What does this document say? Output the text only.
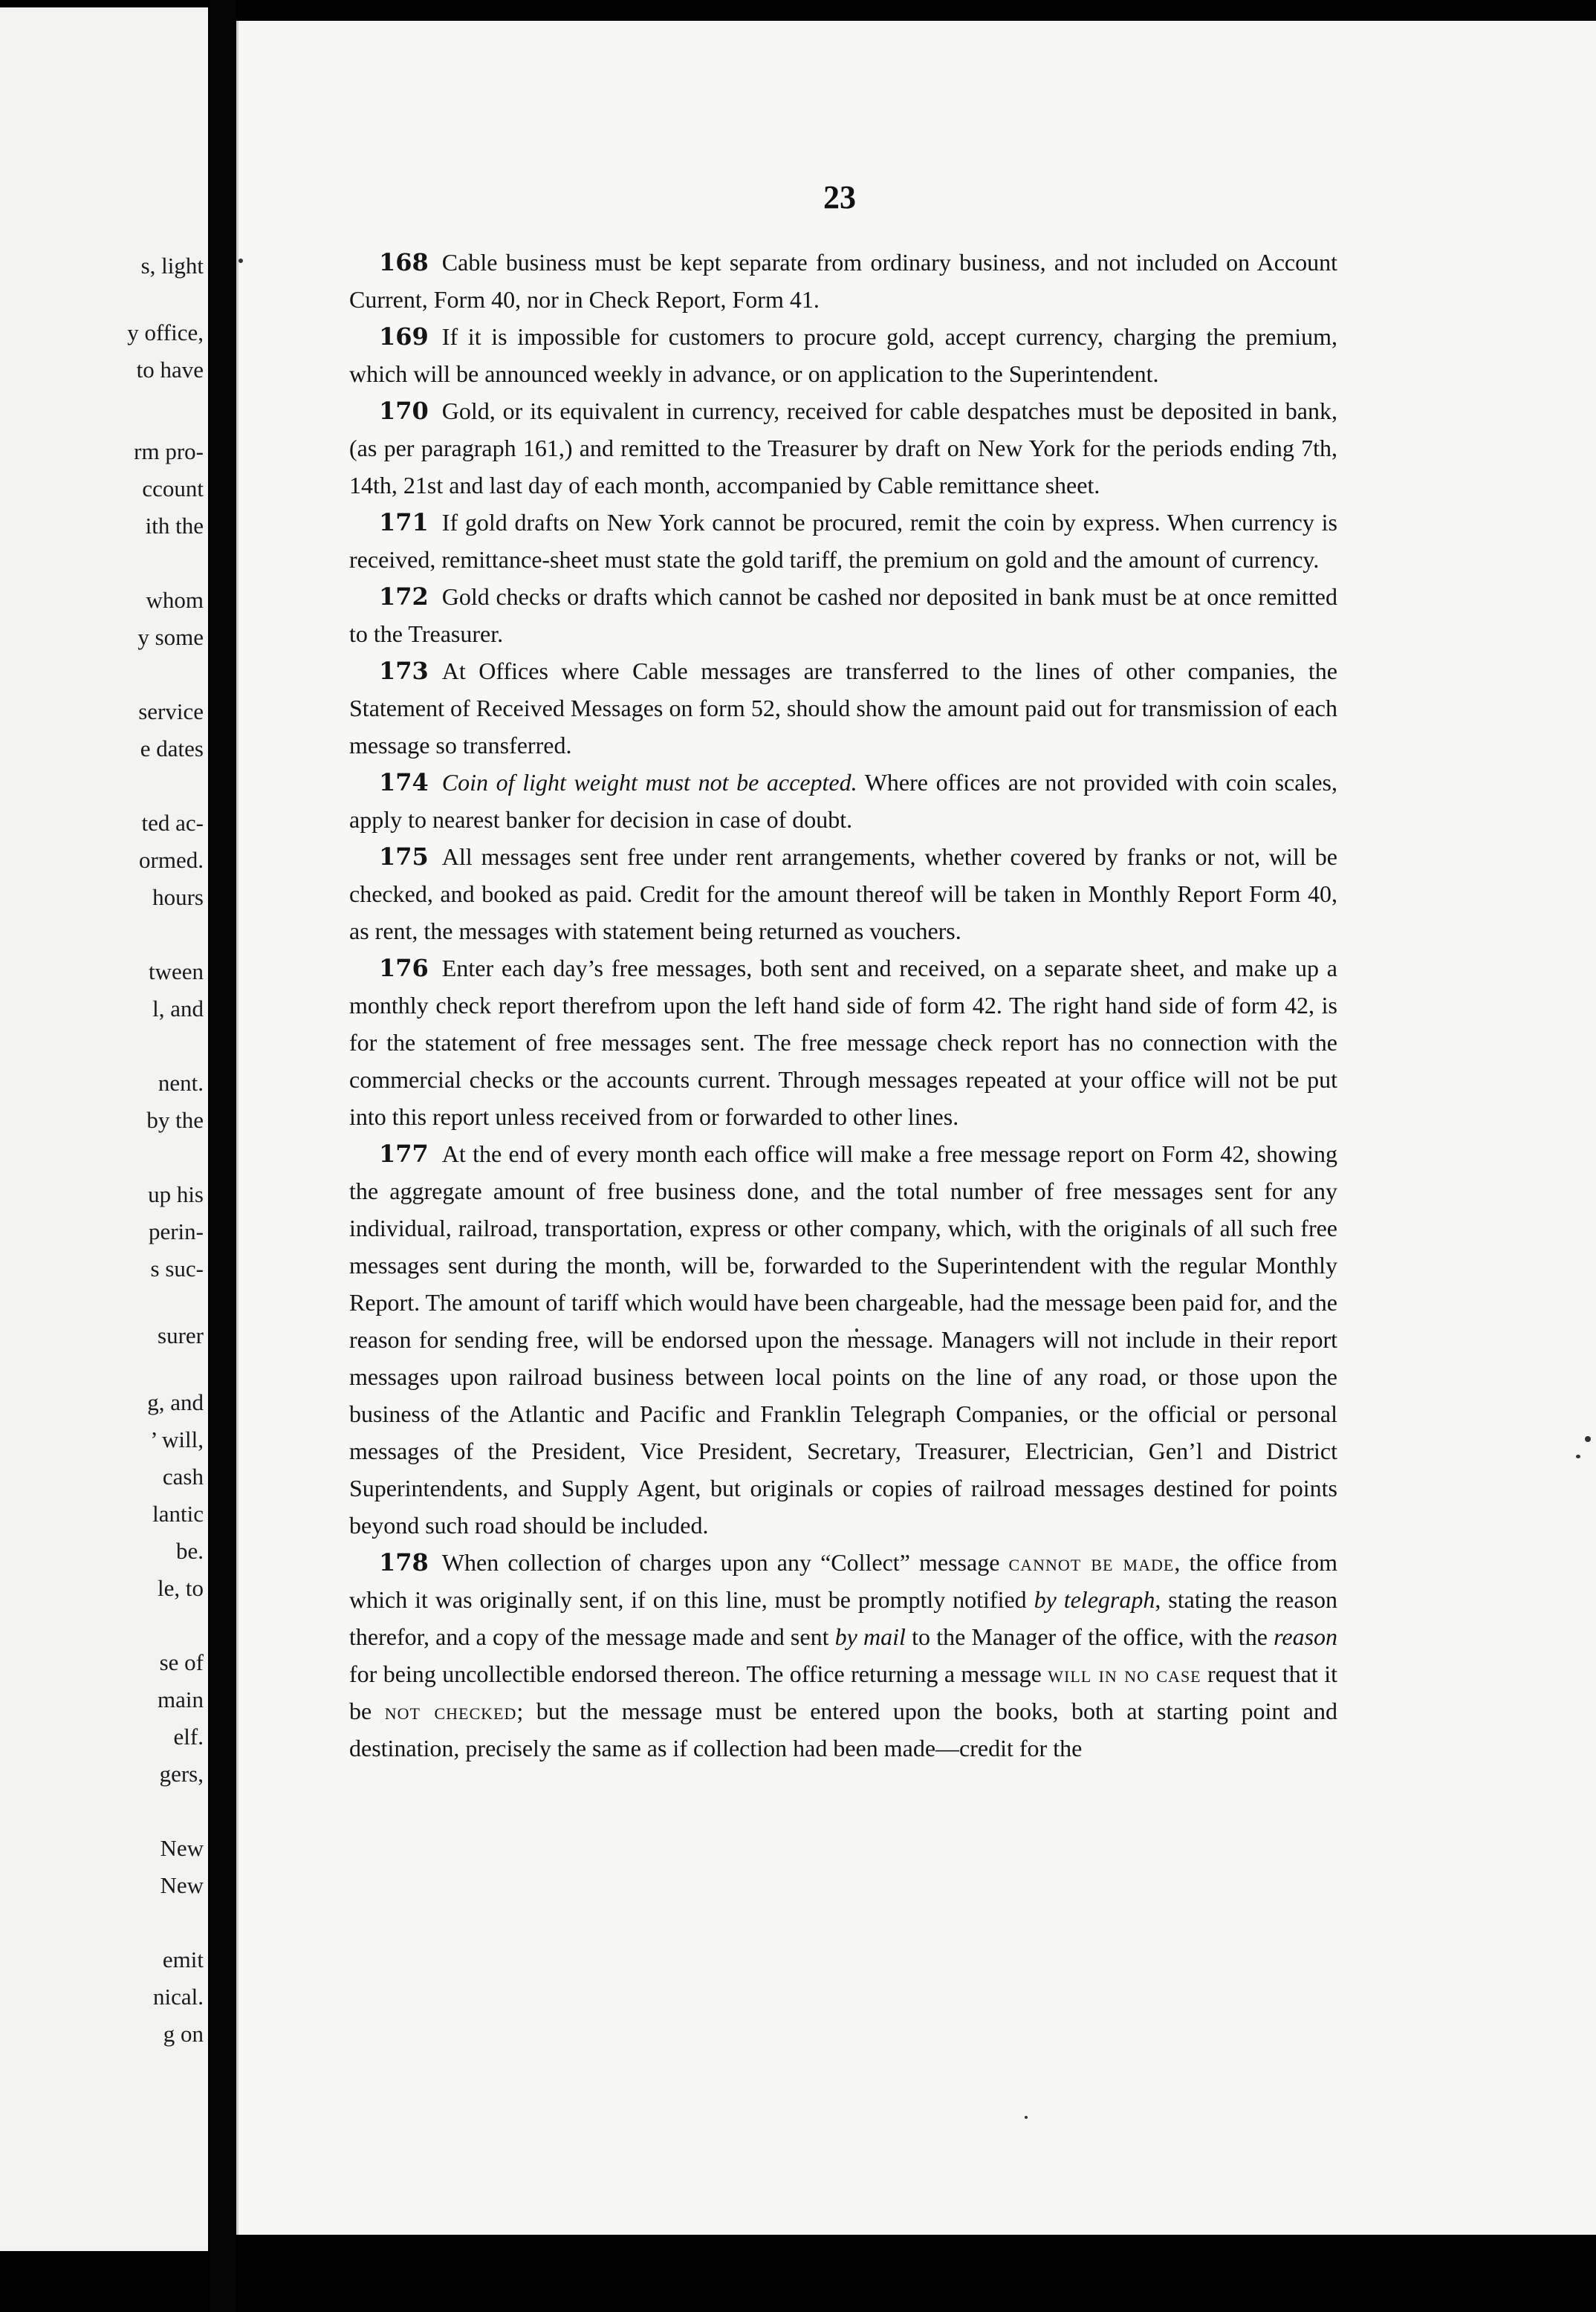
s, light
y office,
to have
rm pro-
ccount
ith the
whom
y some
service
e dates
ted ac-
ormed.
hours
tween
l, and
nent.
by the
up his
perin-
s suc-
surer
g, and
’ will,
cash
lantic
be.
le, to
se of
main
elf.
gers,
New
New
emit
nical.
g on
23

168 Cable business must be kept separate from ordinary business, and not included on Account Current, Form 40, nor in Check Report, Form 41.

169 If it is impossible for customers to procure gold, accept currency, charging the premium, which will be announced weekly in advance, or on application to the Superintendent.

170 Gold, or its equivalent in currency, received for cable despatches must be deposited in bank, (as per paragraph 161,) and remitted to the Treasurer by draft on New York for the periods ending 7th, 14th, 21st and last day of each month, accompanied by Cable remittance sheet.

171 If gold drafts on New York cannot be procured, remit the coin by express. When currency is received, remittance-sheet must state the gold tariff, the premium on gold and the amount of currency.

172 Gold checks or drafts which cannot be cashed nor deposited in bank must be at once remitted to the Treasurer.

173 At Offices where Cable messages are transferred to the lines of other companies, the Statement of Received Messages on form 52, should show the amount paid out for transmission of each message so transferred.

174 Coin of light weight must not be accepted. Where offices are not provided with coin scales, apply to nearest banker for decision in case of doubt.

175 All messages sent free under rent arrangements, whether covered by franks or not, will be checked, and booked as paid. Credit for the amount thereof will be taken in Monthly Report Form 40, as rent, the messages with statement being returned as vouchers.

176 Enter each day’s free messages, both sent and received, on a separate sheet, and make up a monthly check report therefrom upon the left hand side of form 42. The right hand side of form 42, is for the statement of free messages sent. The free message check report has no connection with the commercial checks or the accounts current. Through messages repeated at your office will not be put into this report unless received from or forwarded to other lines.

177 At the end of every month each office will make a free message report on Form 42, showing the aggregate amount of free business done, and the total number of free messages sent for any individual, railroad, transportation, express or other company, which, with the originals of all such free messages sent during the month, will be, forwarded to the Superintendent with the regular Monthly Report. The amount of tariff which would have been chargeable, had the message been paid for, and the reason for sending free, will be endorsed upon the message. Managers will not include in their report messages upon railroad business between local points on the line of any road, or those upon the business of the Atlantic and Pacific and Franklin Telegraph Companies, or the official or personal messages of the President, Vice President, Secretary, Treasurer, Electrician, Gen’l and District Superintendents, and Supply Agent, but originals or copies of railroad messages destined for points beyond such road should be included.

178 When collection of charges upon any “Collect” message cannot be made, the office from which it was originally sent, if on this line, must be promptly notified by telegraph, stating the reason therefor, and a copy of the message made and sent by mail to the Manager of the office, with the reason for being uncollectible endorsed thereon. The office returning a message will in no case request that it be not checked; but the message must be entered upon the books, both at starting point and destination, precisely the same as if collection had been made—credit for the
